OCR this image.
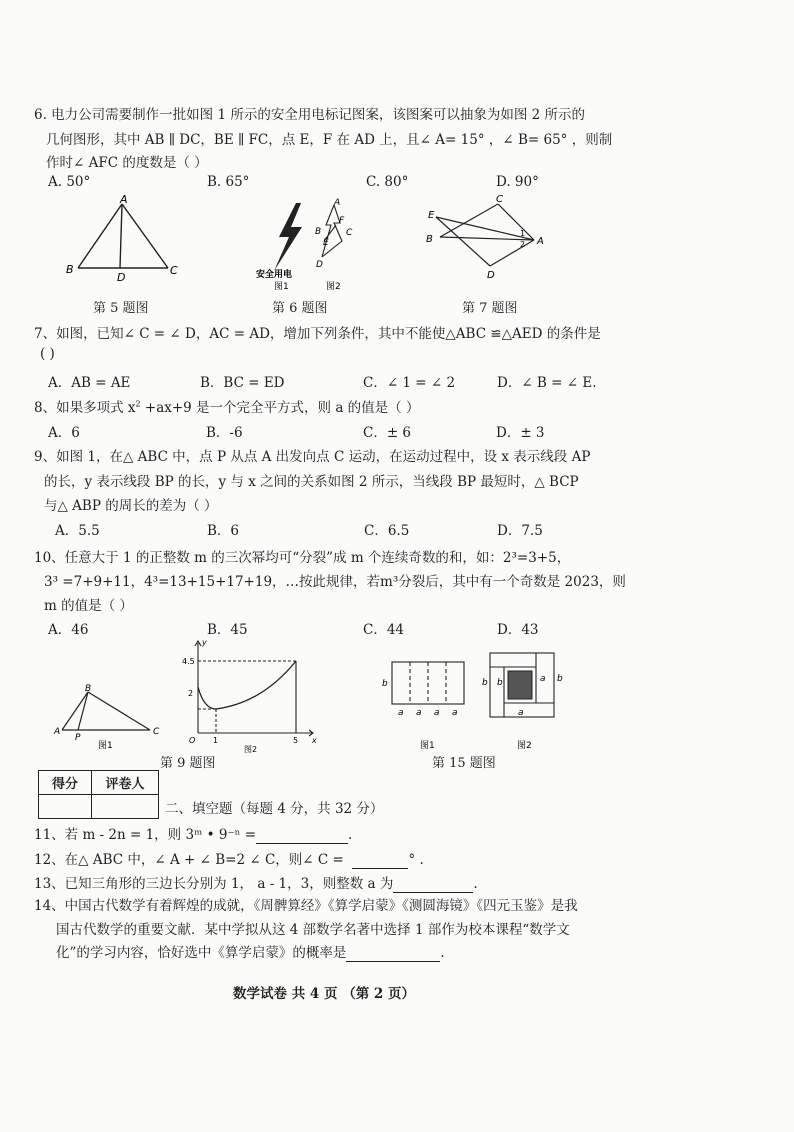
6. 电力公司需要制作一批如图 1 所示的安全用电标记图案，该图案可以抽象为如图 2 所示的
几何图形，其中 AB ∥ DC，BE ∥ FC，点 E，F 在 AD 上，且∠ A= 15° ，∠ B= 65° ，则制
作时∠ AFC 的度数是（ ）
A. 50°	B. 65°	C. 80°	D. 90°
A
B
D
C	安全用电
图1
A
F
C
B
E
D
图2
C
E
B
1
2 A
D
第 5 题图	第 6 题图	第 7 题图
7、如图，已知∠ C = ∠ D，AC = AD，增加下列条件，其中不能使△ABC ≌△AED 的条件是
( )
A．AB = AE	B．BC = ED	C．∠ 1 = ∠ 2	D．∠ B = ∠ E.
8、如果多项式 $x^2 +ax+9$ 是一个完全平方式，则 a 的值是（ ）
A．6	B．-6	C．± 6	D．± 3
9、如图 1，在△ ABC 中，点 P 从点 A 出发向点 C 运动，在运动过程中，设 x 表示线段 AP
的长，y 表示线段 BP 的长，y 与 x 之间的关系如图 2 所示，当线段 BP 最短时，△ BCP
与△ ABP 的周长的差为（ ）
A．5.5	B．6	C．6.5	D．7.5
10、任意大于 1 的正整数 m 的三次幂均可“分裂”成 m 个连续奇数的和，如：2³=3+5，
3³ =7+9+11，4³=13+15+17+19，…按此规律，若m³分裂后，其中有一个奇数是 2023，则
m 的值是（ ）
A．46	B．45	C．44	D．43
B
A
P
C
图1
y
4.5
2
O 1	5 x
图2
b
a a a a
图1
b b	a b
a
图2
第 9 题图	第 15 题图
得分	评卷人

二、填空题（每题 4 分，共 32 分）
11、若 m - 2n = 1，则 3ᵐ • 9⁻ⁿ =	.
12、在△ ABC 中，∠ A + ∠ B=2 ∠ C，则∠ C =	° .
13、已知三角形的三边长分别为 1， a - 1，3，则整数 a 为	.
14、中国古代数学有着辉煌的成就，《周髀算经》《算学启蒙》《测圆海镜》《四元玉鉴》是我
国古代数学的重要文献．某中学拟从这 4 部数学名著中选择 1 部作为校本课程“数学文
化”的学习内容，恰好选中《算学启蒙》的概率是	.
数学试卷 共 4 页 （第 2 页）
